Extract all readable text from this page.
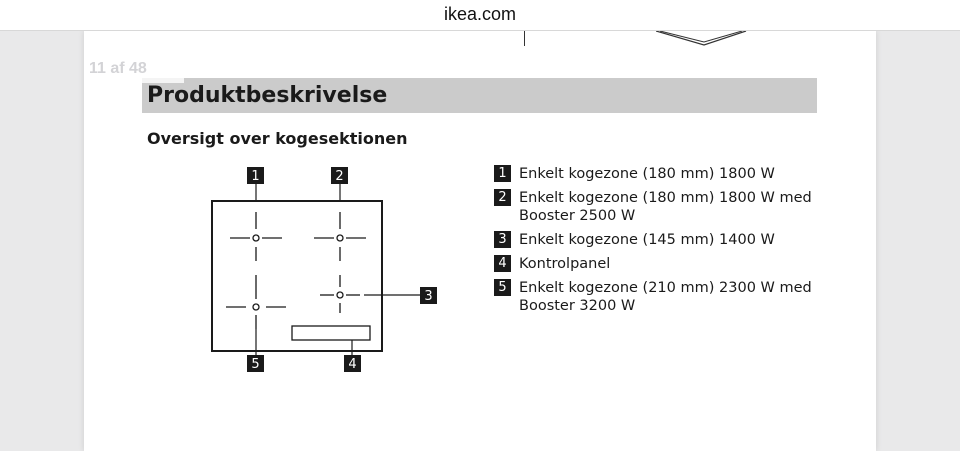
ikea.com
11 af 48
Produktbeskrivelse
Oversigt over kogesektionen
1	2
3
4
5
1 Enkelt kogezone (180 mm) 1800 W
2 Enkelt kogezone (180 mm) 1800 W med Booster 2500 W
3 Enkelt kogezone (145 mm) 1400 W
4 Kontrolpanel
5 Enkelt kogezone (210 mm) 2300 W med Booster 3200 W
